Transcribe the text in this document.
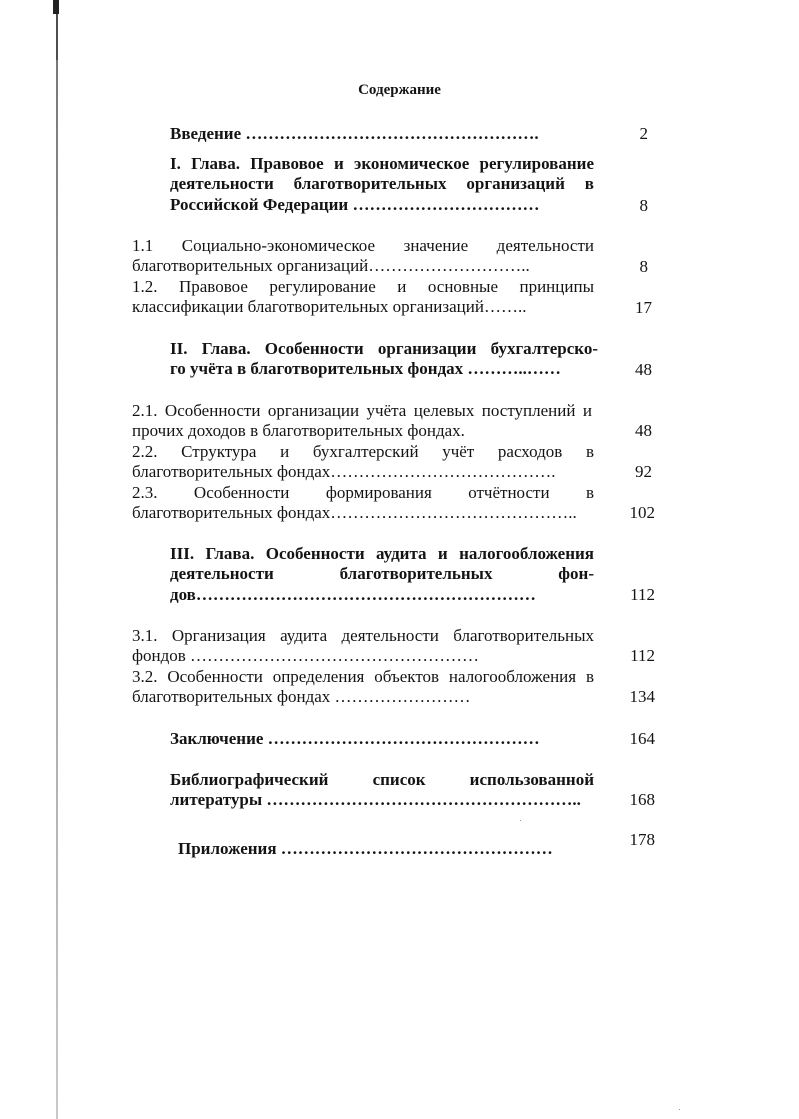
Содержание
Введение …………………………………………….	2
I. Глава. Правовое и экономическое регулирование деятельности благотворительных организаций в Российской Федерации ……………………………	8
1.1 Социально-экономическое значение деятельности благотворительных организаций………………………..	8
1.2. Правовое регулирование и основные принципы классификации благотворительных организаций……..	17
II. Глава. Особенности организации бухгалтерско-
го учёта в благотворительных фондах ………..……	48
2.1. Особенности организации учёта целевых поступлений и прочих доходов в благотворительных фондах.	48
2.2. Структура и бухгалтерский учёт расходов в благотворительных фондах………………………………….	92
2.3. Особенности формирования отчётности в благотворительных фондах……………………………………..	102
III. Глава. Особенности аудита и налогообложения
деятельности благотворительных фон-
дов……………………………………………………	112
3.1. Организация аудита деятельности благотворительных фондов ……………………………………………	112
3.2. Особенности определения объектов налогообложения в благотворительных фондах ……………………	134
Заключение …………………………………………	164
Библиографический список использованной литературы ………………………………………………..	168
Приложения …………………………………………	178
